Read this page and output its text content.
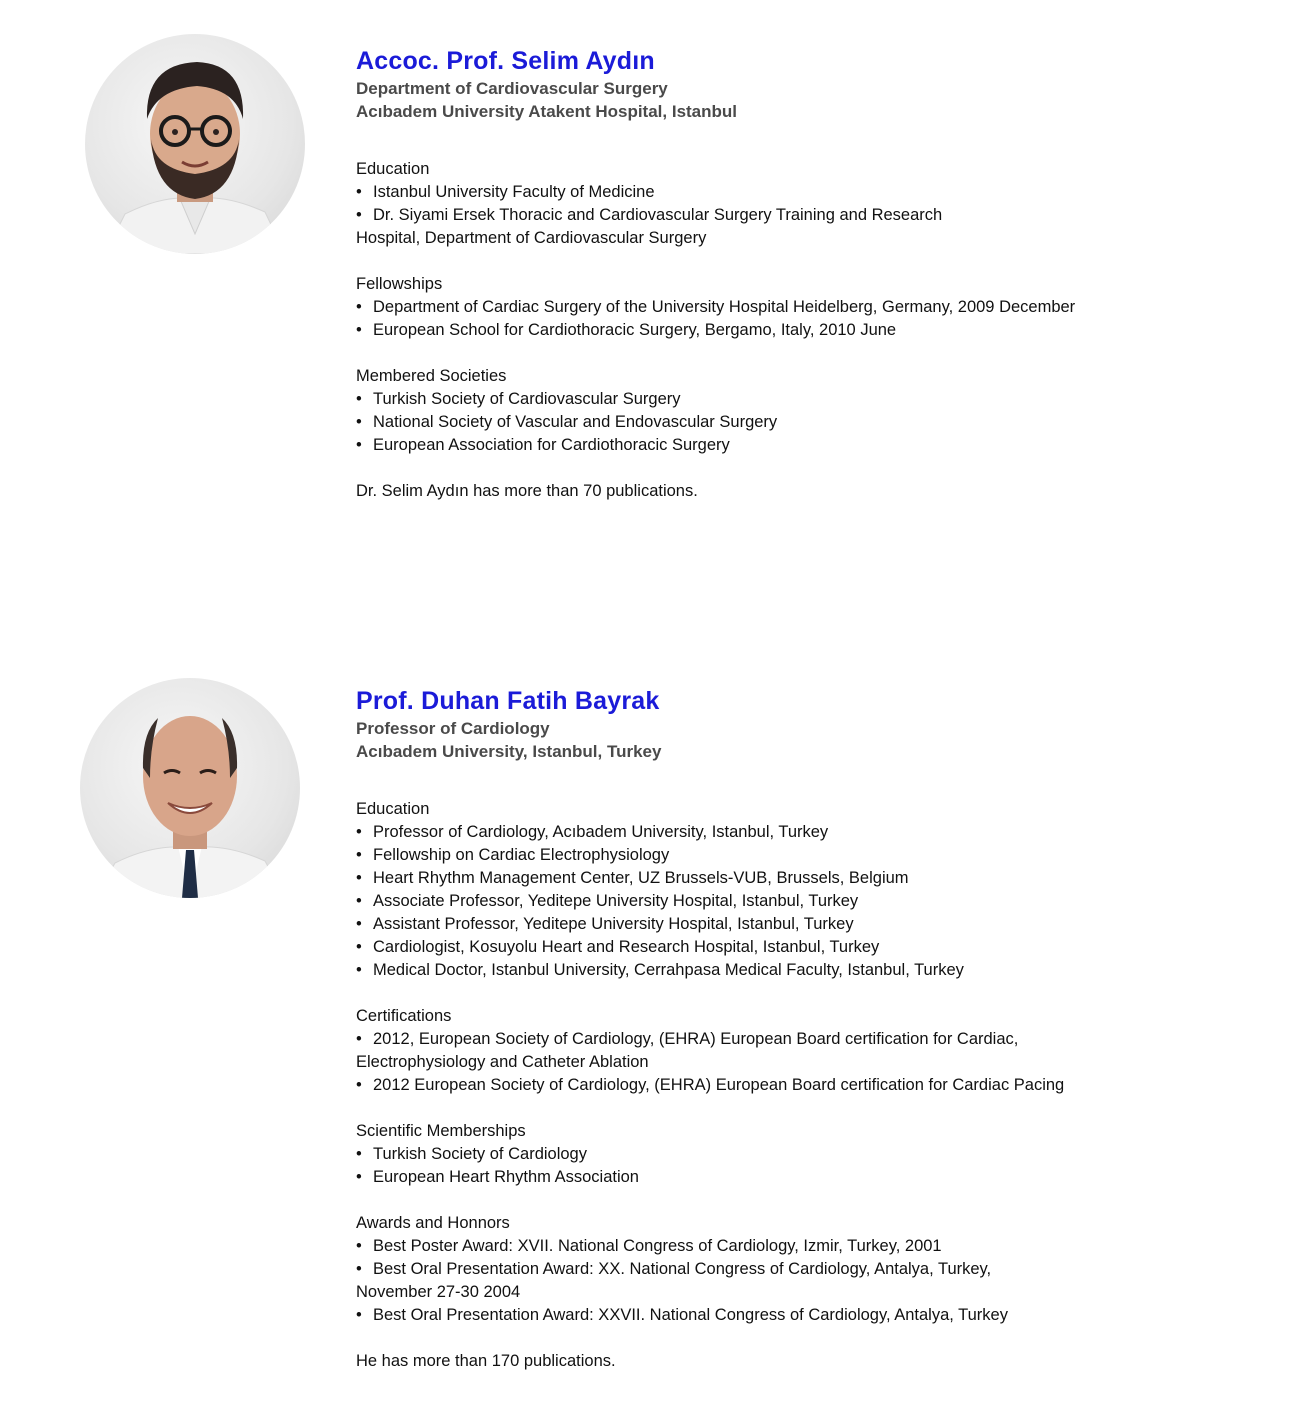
Accoc. Prof. Selim Aydın

Department of Cardiovascular Surgery

Acıbadem University Atakent Hospital, Istanbul

Education

• Istanbul University Faculty of Medicine
• Dr. Siyami Ersek Thoracic and Cardiovascular Surgery Training and Research
Hospital, Department of Cardiovascular Surgery

Fellowships

• Department of Cardiac Surgery of the University Hospital Heidelberg, Germany, 2009 December
• European School for Cardiothoracic Surgery, Bergamo, Italy, 2010 June

Membered Societies

• Turkish Society of Cardiovascular Surgery
• National Society of Vascular and Endovascular Surgery
• European Association for Cardiothoracic Surgery

Dr. Selim Aydın has more than 70 publications.

Prof. Duhan Fatih Bayrak

Professor of Cardiology

Acıbadem University, Istanbul, Turkey

Education

• Professor of Cardiology, Acıbadem University, Istanbul, Turkey
• Fellowship on Cardiac Electrophysiology
• Heart Rhythm Management Center, UZ Brussels-VUB, Brussels, Belgium
• Associate Professor, Yeditepe University Hospital, Istanbul, Turkey
• Assistant Professor, Yeditepe University Hospital, Istanbul, Turkey
• Cardiologist, Kosuyolu Heart and Research Hospital, Istanbul, Turkey
• Medical Doctor, Istanbul University, Cerrahpasa Medical Faculty, Istanbul, Turkey

Certifications

• 2012, European Society of Cardiology, (EHRA) European Board certification for Cardiac,
Electrophysiology and Catheter Ablation
• 2012 European Society of Cardiology, (EHRA) European Board certification for Cardiac Pacing

Scientific Memberships

• Turkish Society of Cardiology
• European Heart Rhythm Association

Awards and Honnors

• Best Poster Award: XVII. National Congress of Cardiology, Izmir, Turkey, 2001
• Best Oral Presentation Award: XX. National Congress of Cardiology, Antalya, Turkey,
November 27-30 2004
• Best Oral Presentation Award: XXVII. National Congress of Cardiology, Antalya, Turkey

He has more than 170 publications.
